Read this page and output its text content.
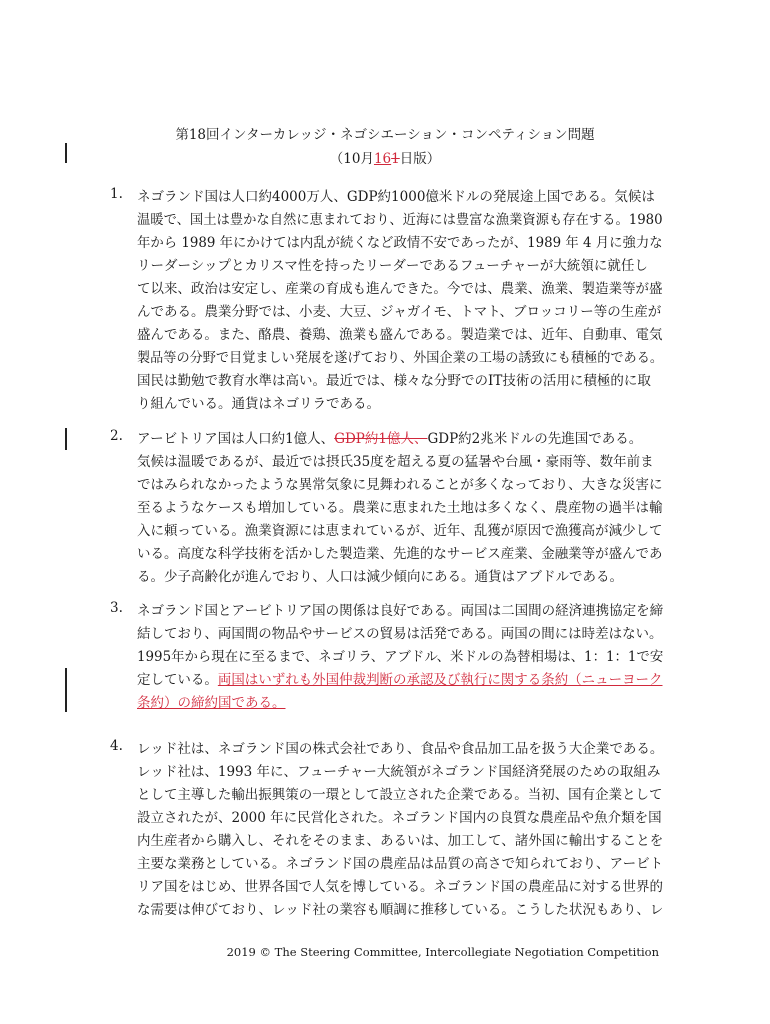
第18回インターカレッジ・ネゴシエーション・コンペティション問題
（10月161日版）
1.	ネゴランド国は人口約4000万人、GDP約1000億米ドルの発展途上国である。気候は
温暖で、国土は豊かな自然に恵まれており、近海には豊富な漁業資源も存在する。1980
年から 1989 年にかけては内乱が続くなど政情不安であったが、1989 年 4 月に強力な
リーダーシップとカリスマ性を持ったリーダーであるフューチャーが大統領に就任し
て以来、政治は安定し、産業の育成も進んできた。今では、農業、漁業、製造業等が盛
んである。農業分野では、小麦、大豆、ジャガイモ、トマト、ブロッコリー等の生産が
盛んである。また、酪農、養鶏、漁業も盛んである。製造業では、近年、自動車、電気
製品等の分野で目覚ましい発展を遂げており、外国企業の工場の誘致にも積極的である。
国民は勤勉で教育水準は高い。最近では、様々な分野でのIT技術の活用に積極的に取
り組んでいる。通貨はネゴリラである。
2.	アービトリア国は人口約1億人、GDP約1億人、GDP約2兆米ドルの先進国である。
気候は温暖であるが、最近では摂氏35度を超える夏の猛暑や台風・豪雨等、数年前ま
ではみられなかったような異常気象に見舞われることが多くなっており、大きな災害に
至るようなケースも増加している。農業に恵まれた土地は多くなく、農産物の過半は輸
入に頼っている。漁業資源には恵まれているが、近年、乱獲が原因で漁獲高が減少して
いる。高度な科学技術を活かした製造業、先進的なサービス産業、金融業等が盛んであ
る。少子高齢化が進んでおり、人口は減少傾向にある。通貨はアブドルである。
3.	ネゴランド国とアービトリア国の関係は良好である。両国は二国間の経済連携協定を締
結しており、両国間の物品やサービスの貿易は活発である。両国の間には時差はない。
1995年から現在に至るまで、ネゴリラ、アブドル、米ドルの為替相場は、1：1：1で安
定している。両国はいずれも外国仲裁判断の承認及び執行に関する条約（ニューヨーク
条約）の締約国である。
4.	レッド社は、ネゴランド国の株式会社であり、食品や食品加工品を扱う大企業である。
レッド社は、1993 年に、フューチャー大統領がネゴランド国経済発展のための取組み
として主導した輸出振興策の一環として設立された企業である。当初、国有企業として
設立されたが、2000 年に民営化された。ネゴランド国内の良質な農産品や魚介類を国
内生産者から購入し、それをそのまま、あるいは、加工して、諸外国に輸出することを
主要な業務としている。ネゴランド国の農産品は品質の高さで知られており、アービト
リア国をはじめ、世界各国で人気を博している。ネゴランド国の農産品に対する世界的
な需要は伸びており、レッド社の業容も順調に推移している。こうした状況もあり、レ
2019 © The Steering Committee, Intercollegiate Negotiation Competition
